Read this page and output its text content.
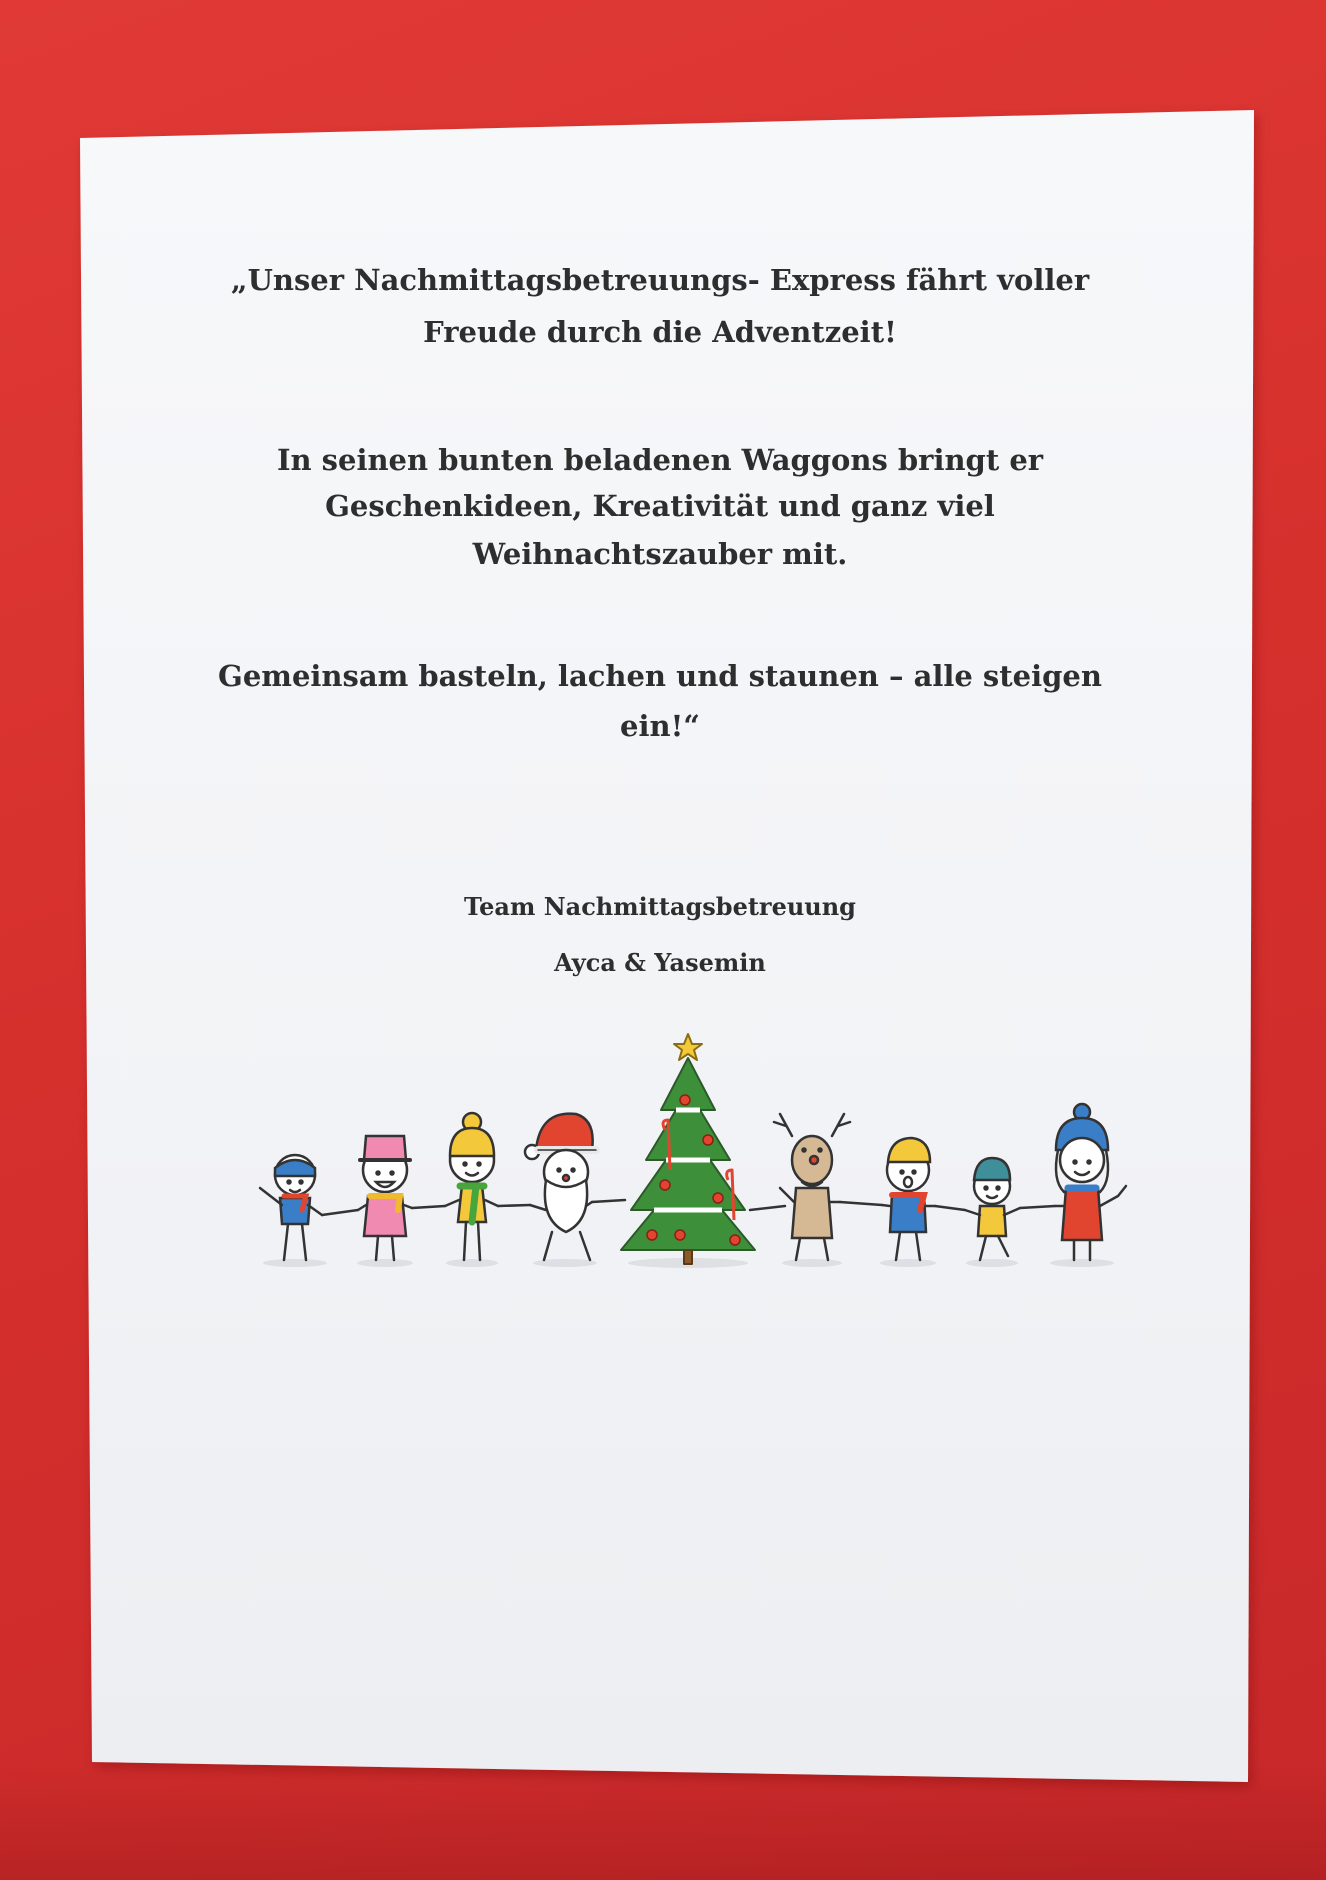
„Unser Nachmittagsbetreuungs- Express fährt voller
Freude durch die Adventzeit!
In seinen bunten beladenen Waggons bringt er
Geschenkideen, Kreativität und ganz viel
Weihnachtszauber mit.
Gemeinsam basteln, lachen und staunen – alle steigen
ein!“
Team Nachmittagsbetreuung
Ayca & Yasemin
